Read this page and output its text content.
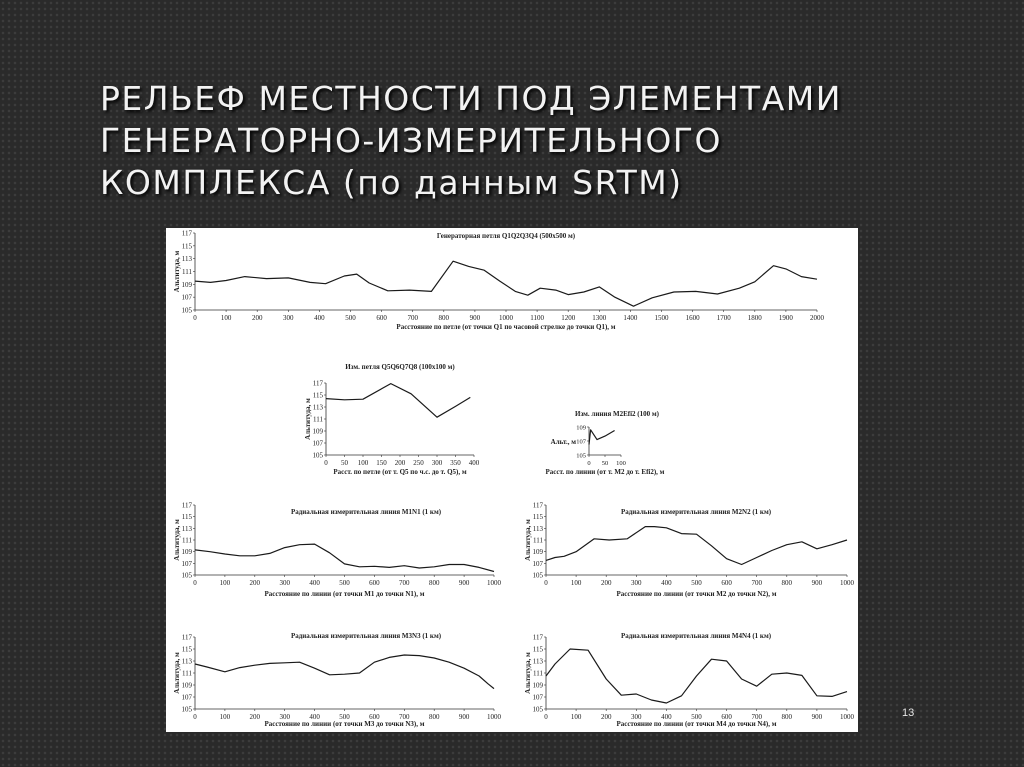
РЕЛЬЕФ МЕСТНОСТИ ПОД ЭЛЕМЕНТАМИ
ГЕНЕРАТОРНО-ИЗМЕРИТЕЛЬНОГО
КОМПЛЕКСА (по данным SRTM)
105
107
109
111
113
115
117
0	100	200	300	400	500	600	700	800	900	1000 1100 1200 1300 1400 1500 1600 1700 1800 1900 2000
Генераторная петля Q1Q2Q3Q4 (500x500 м)
Расстояние по петле (от точки Q1 по часовой стрелке до точки Q1), м
Альтитуда, м
105
107
109
111
113
115
117
0 50 100 150 200 250 300 350 400
Изм. петля Q5Q6Q7Q8 (100x100 м)
Расст. по петле (от т. Q5 по ч.с. до т. Q5), м
Альтитуда, м
105
107
109
0 50 100
Изм. линия M2Efi2 (100 м)
Расст. по линии (от т. M2 до т. Efi2), м
Альт., м
105
107
109
111
113
115
117
0	100	200	300	400	500	600	700	800	900	1000
Радиальная измерительная линия M1N1 (1 км)
Расстояние по линии (от точки M1 до точки N1), м
Альтитуда, м
105
107
109
111
113
115
117
0	100	200	300	400	500	600	700	800	900	1000
Радиальная измерительная линия M2N2 (1 км)
Расстояние по линии (от точки M2 до точки N2), м
Альтитуда, м
105
107
109
111
113
115
117
0	100	200	300	400	500	600	700	800	900	1000
Радиальная измерительная линия M3N3 (1 км)
Расстояние по линии (от точки M3 до точки N3), м
Альтитуда, м
105
107
109
111
113
115
117
0	100	200	300	400	500	600	700	800	900	1000
Радиальная измерительная линия M4N4 (1 км)
Расстояние по линии (от точки M4 до точки N4), м
Альтитуда, м
13
